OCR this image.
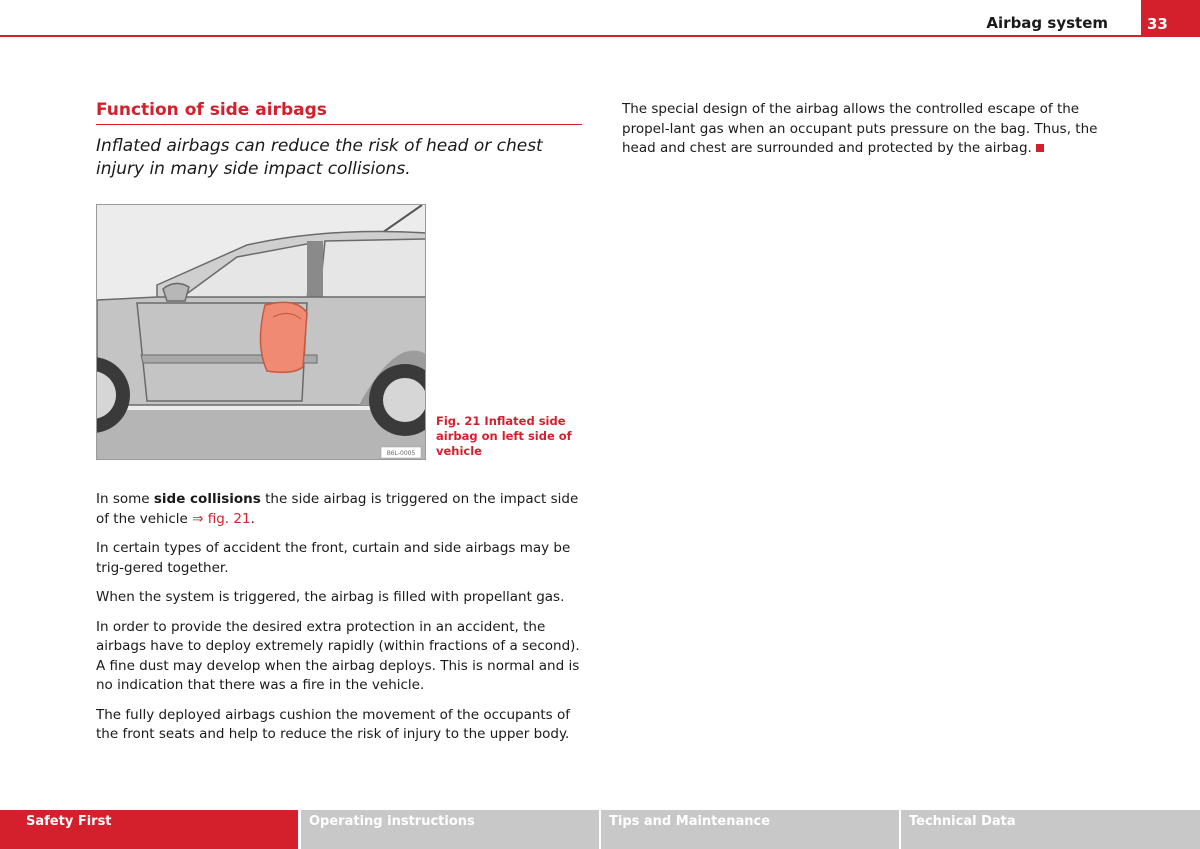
Airbag system	33
Function of side airbags

Inflated airbags can reduce the risk of head or chest injury in many side impact collisions.

B6L-0005
Fig. 21 Inflated side
airbag on left side of
vehicle

In some side collisions the side airbag is triggered on the impact side of the vehicle ⇒ fig. 21.

In certain types of accident the front, curtain and side airbags may be trig-gered together.

When the system is triggered, the airbag is filled with propellant gas.

In order to provide the desired extra protection in an accident, the airbags have to deploy extremely rapidly (within fractions of a second). A fine dust may develop when the airbag deploys. This is normal and is no indication that there was a fire in the vehicle.

The fully deployed airbags cushion the movement of the occupants of the front seats and help to reduce the risk of injury to the upper body.

The special design of the airbag allows the controlled escape of the propel-lant gas when an occupant puts pressure on the bag. Thus, the head and chest are surrounded and protected by the airbag.

Safety First	Operating instructions	Tips and Maintenance	Technical Data
